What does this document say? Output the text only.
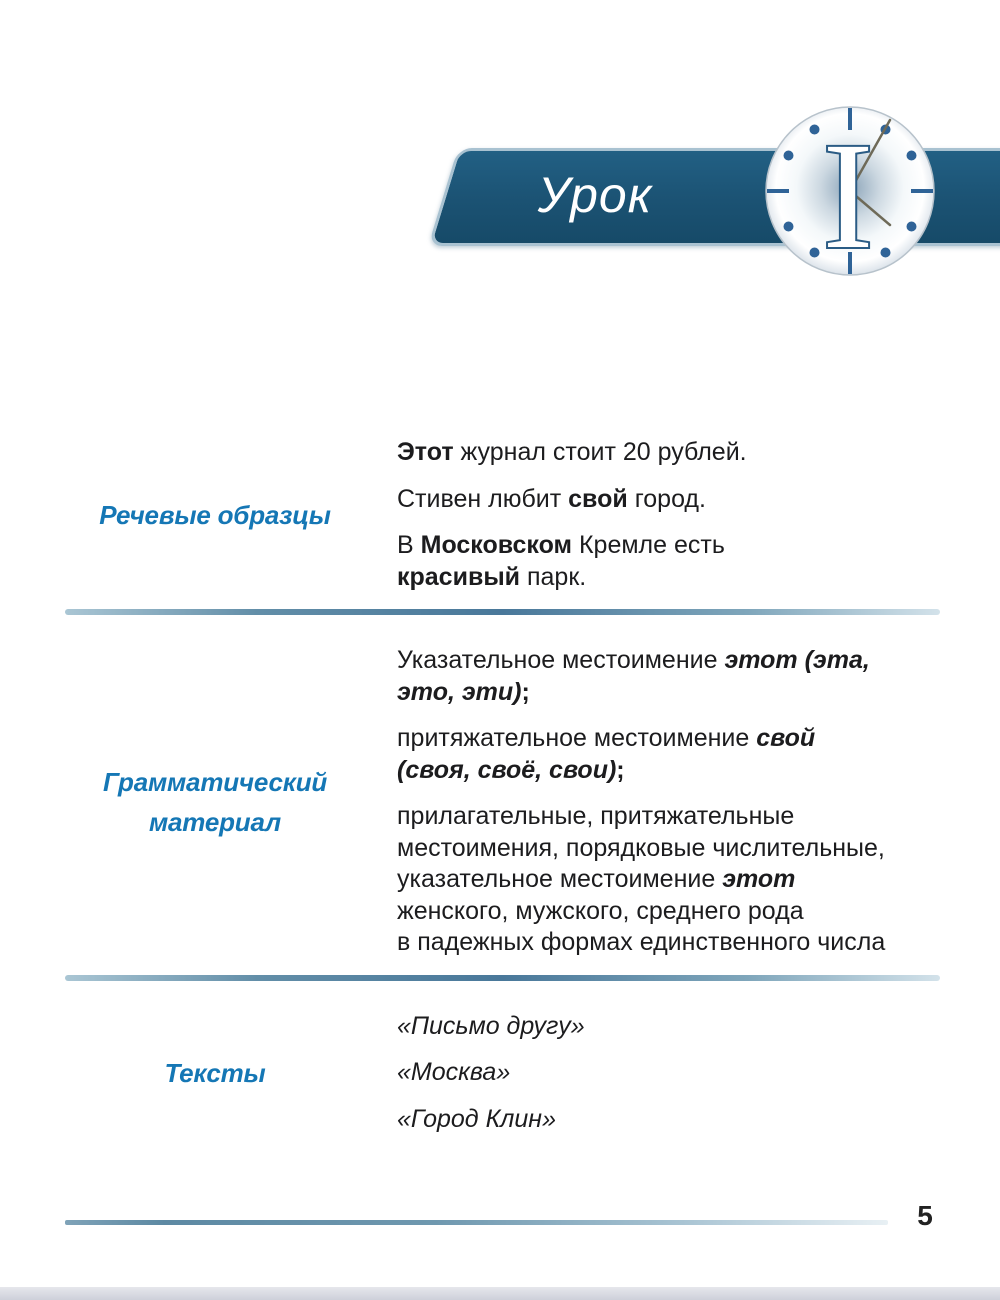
Урок I
Речевые образцы

Этот журнал стоит 20 рублей.

Стивен любит свой город.

В Московском Кремле есть
красивый парк.

Грамматический материал

Указательное местоимение этот (эта,
это, эти);

притяжательное местоимение свой
(своя, своё, свои);

прилагательные, притяжательные
местоимения, порядковые числительные,
указательное местоимение этот
женского, мужского, среднего рода
в падежных формах единственного числа

Тексты

«Письмо другу»

«Москва»

«Город Клин»

5
